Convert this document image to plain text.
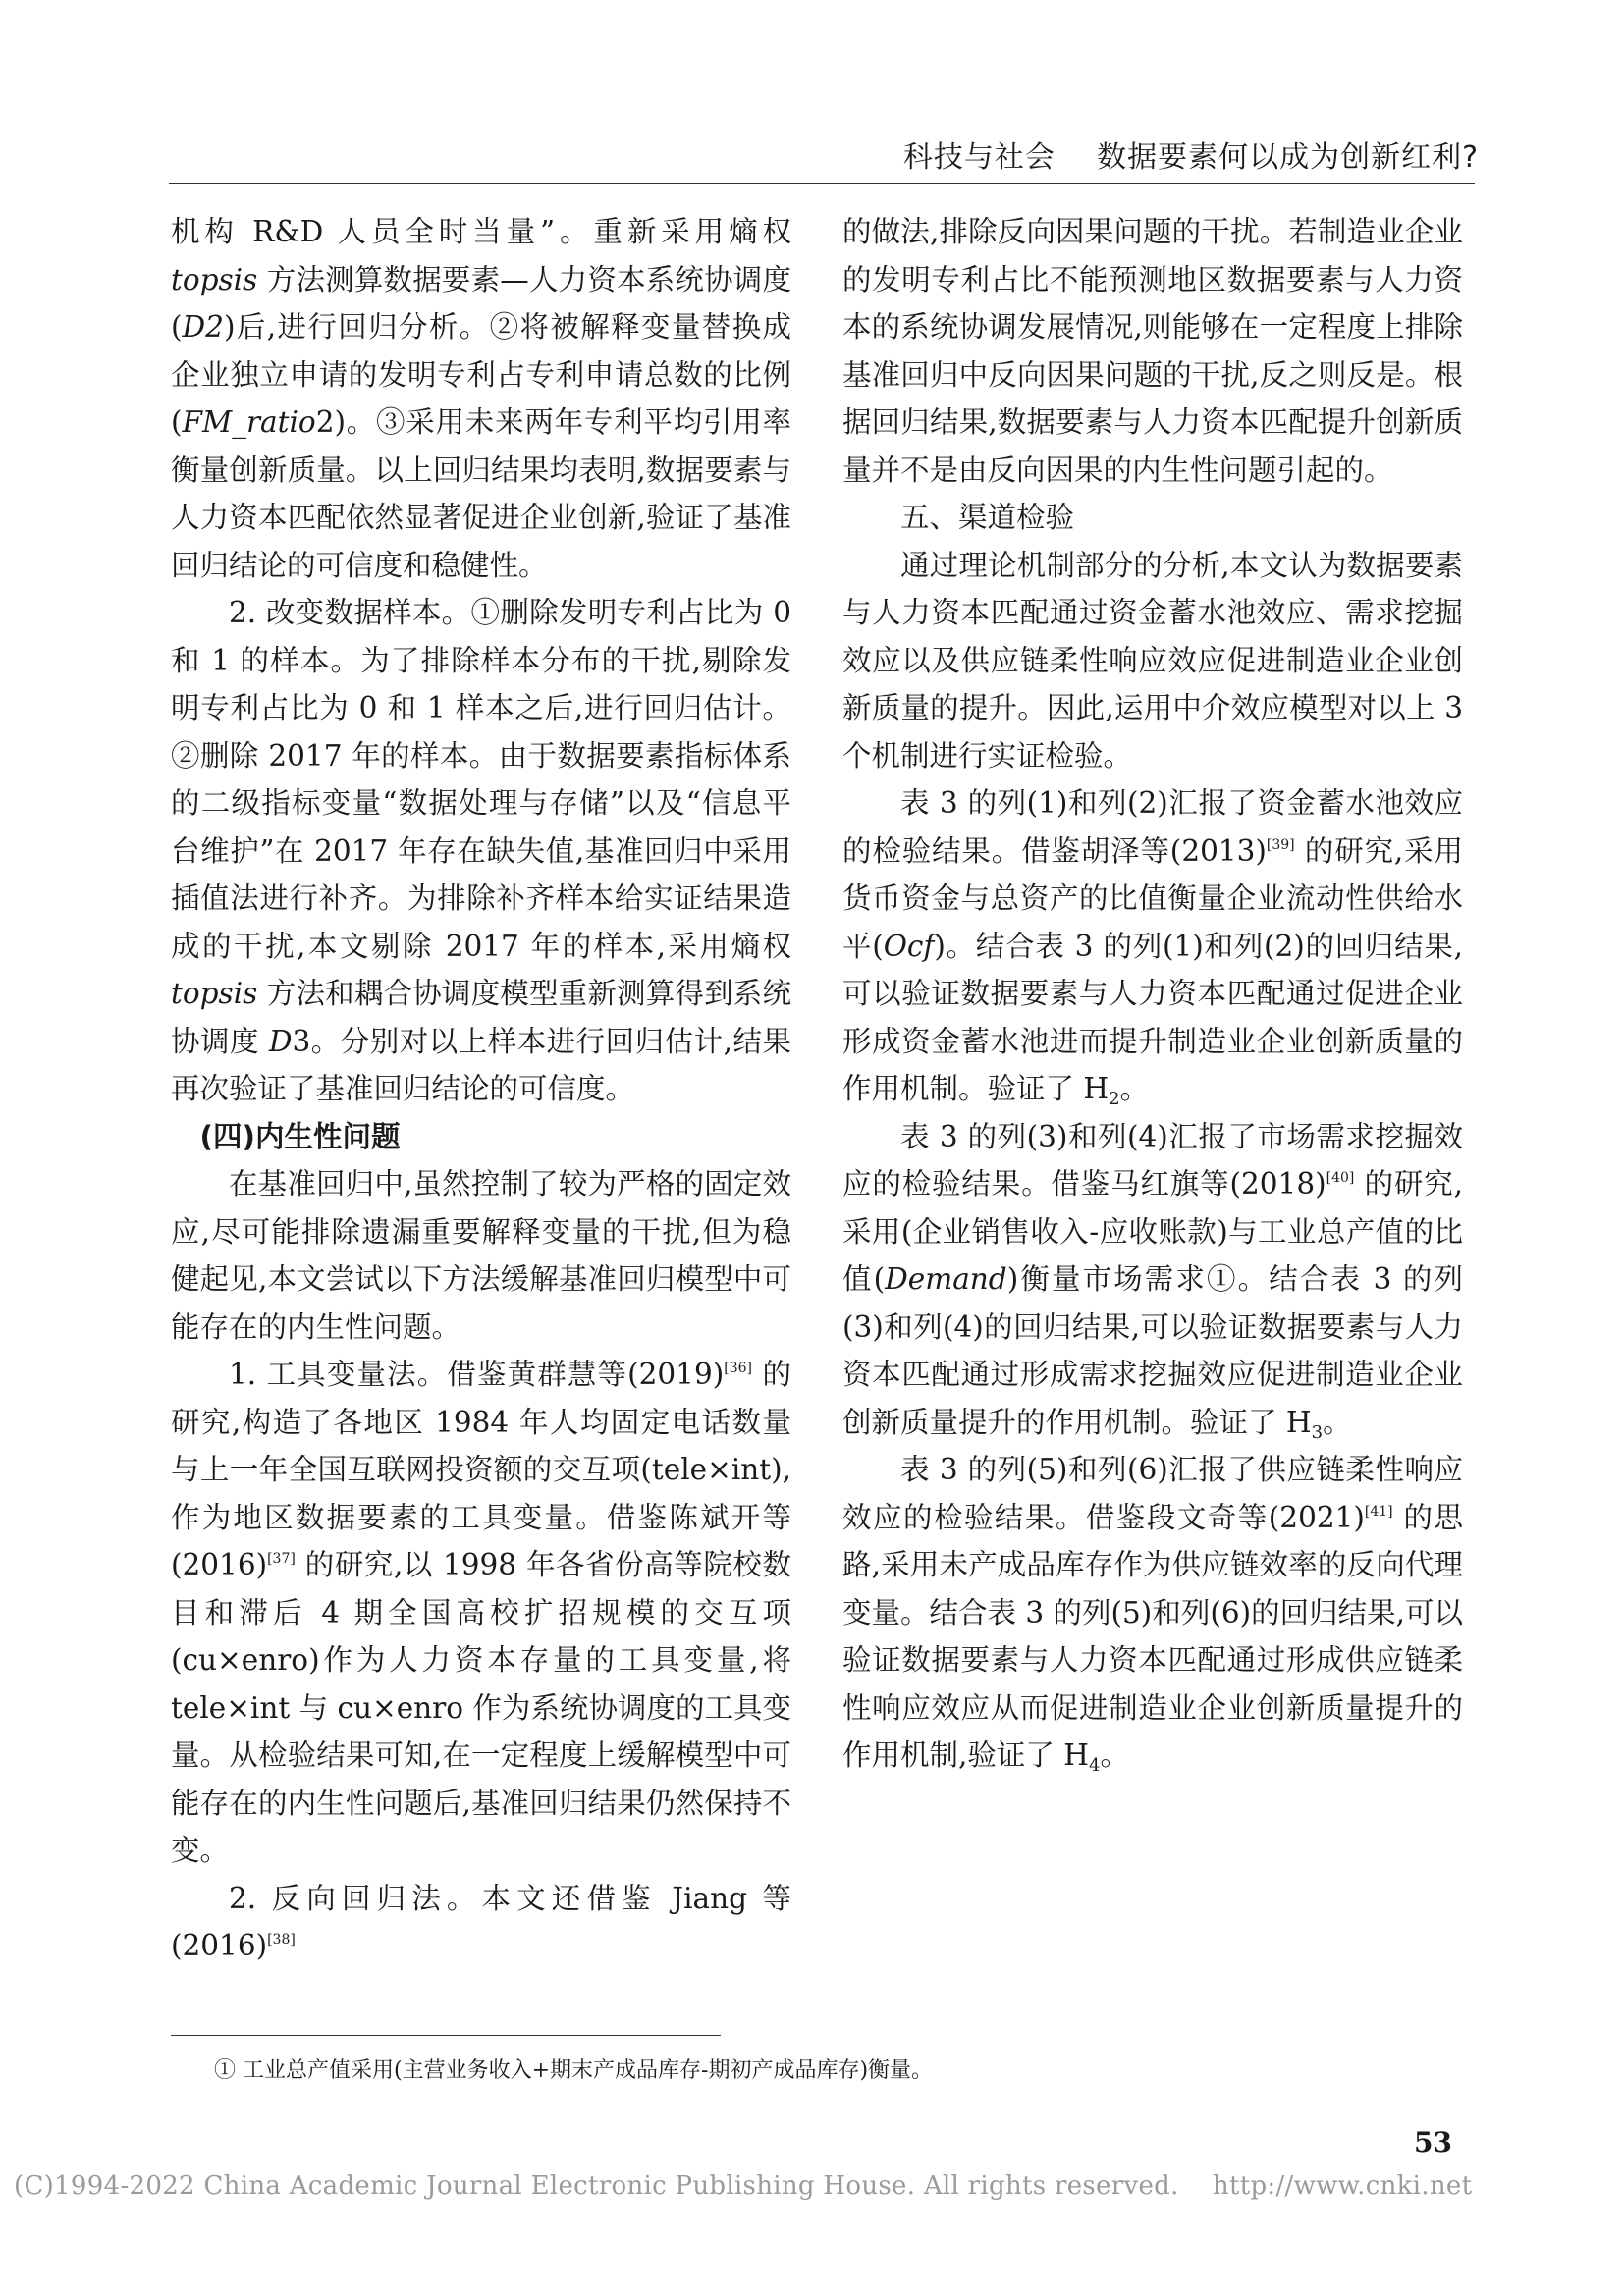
科技与社会    数据要素何以成为创新红利?

机构 R&D 人员全时当量”。重新采用熵权 topsis 方法测算数据要素—人力资本系统协调度(D2)后,进行回归分析。②将被解释变量替换成企业独立申请的发明专利占专利申请总数的比例(FM_ratio2)。③采用未来两年专利平均引用率衡量创新质量。以上回归结果均表明,数据要素与人力资本匹配依然显著促进企业创新,验证了基准回归结论的可信度和稳健性。

2. 改变数据样本。①删除发明专利占比为 0 和 1 的样本。为了排除样本分布的干扰,剔除发明专利占比为 0 和 1 样本之后,进行回归估计。②删除 2017 年的样本。由于数据要素指标体系的二级指标变量“数据处理与存储”以及“信息平台维护”在 2017 年存在缺失值,基准回归中采用插值法进行补齐。为排除补齐样本给实证结果造成的干扰,本文剔除 2017 年的样本,采用熵权 topsis 方法和耦合协调度模型重新测算得到系统协调度 D3。分别对以上样本进行回归估计,结果再次验证了基准回归结论的可信度。

(四)内生性问题

在基准回归中,虽然控制了较为严格的固定效应,尽可能排除遗漏重要解释变量的干扰,但为稳健起见,本文尝试以下方法缓解基准回归模型中可能存在的内生性问题。

1. 工具变量法。借鉴黄群慧等(2019)[36] 的研究,构造了各地区 1984 年人均固定电话数量与上一年全国互联网投资额的交互项(tele×int),作为地区数据要素的工具变量。借鉴陈斌开等(2016)[37] 的研究,以 1998 年各省份高等院校数目和滞后 4 期全国高校扩招规模的交互项(cu×enro)作为人力资本存量的工具变量,将 tele×int 与 cu×enro 作为系统协调度的工具变量。从检验结果可知,在一定程度上缓解模型中可能存在的内生性问题后,基准回归结果仍然保持不变。

2. 反向回归法。本文还借鉴 Jiang 等(2016)[38]

的做法,排除反向因果问题的干扰。若制造业企业的发明专利占比不能预测地区数据要素与人力资本的系统协调发展情况,则能够在一定程度上排除基准回归中反向因果问题的干扰,反之则反是。根据回归结果,数据要素与人力资本匹配提升创新质量并不是由反向因果的内生性问题引起的。

五、渠道检验

通过理论机制部分的分析,本文认为数据要素与人力资本匹配通过资金蓄水池效应、需求挖掘效应以及供应链柔性响应效应促进制造业企业创新质量的提升。因此,运用中介效应模型对以上 3 个机制进行实证检验。

表 3 的列(1)和列(2)汇报了资金蓄水池效应的检验结果。借鉴胡泽等(2013)[39] 的研究,采用货币资金与总资产的比值衡量企业流动性供给水平(Ocf)。结合表 3 的列(1)和列(2)的回归结果,可以验证数据要素与人力资本匹配通过促进企业形成资金蓄水池进而提升制造业企业创新质量的作用机制。验证了 $H_2$。

表 3 的列(3)和列(4)汇报了市场需求挖掘效应的检验结果。借鉴马红旗等(2018)[40] 的研究,采用(企业销售收入-应收账款)与工业总产值的比值(Demand)衡量市场需求①。结合表 3 的列(3)和列(4)的回归结果,可以验证数据要素与人力资本匹配通过形成需求挖掘效应促进制造业企业创新质量提升的作用机制。验证了 $H_3$。

表 3 的列(5)和列(6)汇报了供应链柔性响应效应的检验结果。借鉴段文奇等(2021)[41] 的思路,采用未产成品库存作为供应链效率的反向代理变量。结合表 3 的列(5)和列(6)的回归结果,可以验证数据要素与人力资本匹配通过形成供应链柔性响应效应从而促进制造业企业创新质量提升的作用机制,验证了 $H_4$。

① 工业总产值采用(主营业务收入+期末产成品库存-期初产成品库存)衡量。
53
(C)1994-2022 China Academic Journal Electronic Publishing House. All rights reserved.    http://www.cnki.net
